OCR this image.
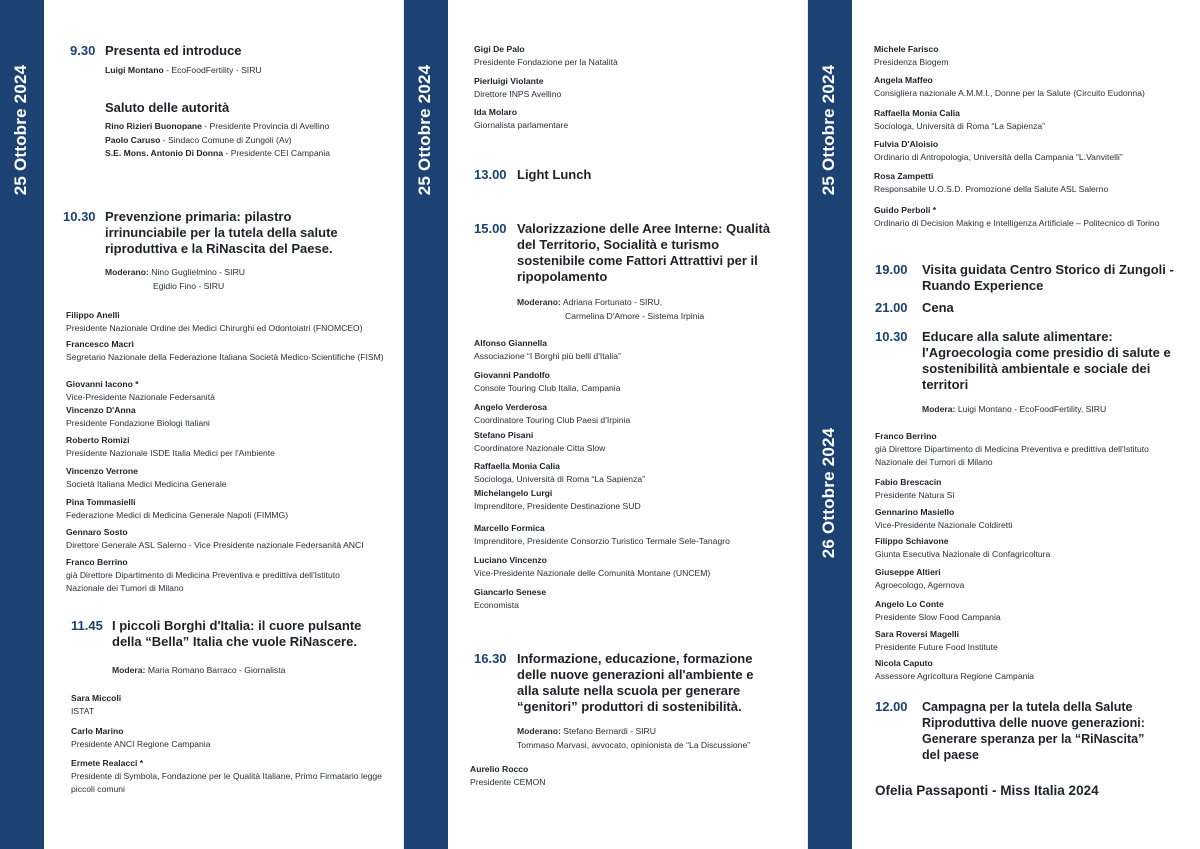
25 Ottobre 2024	25 Ottobre 2024	25 Ottobre 2024
26 Ottobre 2024
9.30 Presenta ed introduce
Luigi Montano - EcoFoodFertility - SIRU
Saluto delle autorità
Rino Rizieri Buonopane - Presidente Provincia di Avellino
Paolo Caruso - Sindaco Comune di Zungoli (Av)
S.E. Mons. Antonio Di Donna - Presidente CEI Campania
10.30 Prevenzione primaria: pilastro irrinunciabile per la tutela della salute riproduttiva e la RiNascita del Paese.
Moderano: Nino Guglielmino - SIRU
Egidio Fino - SIRU
Filippo Anelli
Presidente Nazionale Ordine dei Medici Chirurghi ed Odontoiatri (FNOMCEO)
Francesco Macrì
Segretario Nazionale della Federazione Italiana Società Medico-Scientifiche (FISM)
Giovanni Iacono *
Vice-Presidente Nazionale Federsanità
Vincenzo D'Anna
Presidente Fondazione Biologi Italiani
Roberto Romizi
Presidente Nazionale ISDE Italia Medici per l'Ambiente
Vincenzo Verrone
Società Italiana Medici Medicina Generale
Pina Tommasielli
Federazione Medici di Medicina Generale Napoli (FIMMG)
Gennaro Sosto
Direttore Generale ASL Salerno - Vice Presidente nazionale Federsanità ANCI
Franco Berrino
già Direttore Dipartimento di Medicina Preventiva e predittiva dell'Istituto Nazionale dei Tumori di Milano
11.45 I piccoli Borghi d'Italia: il cuore pulsante della “Bella” Italia che vuole RiNascere.
Modera: Maria Romano Barraco - Giornalista
Sara Miccoli
ISTAT
Carlo Marino
Presidente ANCI Regione Campania
Ermete Realacci *
Presidente di Symbola, Fondazione per le Qualità Italiane, Primo Firmatario legge piccoli comuni
Gigi De Palo
Presidente Fondazione per la Natalità
Pierluigi Violante
Direttore INPS Avellino
Ida Molaro
Giornalista parlamentare
13.00 Light Lunch
15.00 Valorizzazione delle Aree Interne: Qualità del Territorio, Socialità e turismo sostenibile come Fattori Attrattivi per il ripopolamento
Moderano: Adriana Fortunato - SIRU,
Carmelina D'Amore - Sistema Irpinia
Alfonso Giannella
Associazione “I Borghi più belli d'Italia”
Giovanni Pandolfo
Console Touring Club Italia, Campania
Angelo Verderosa
Coordinatore Touring Club Paesi d'Irpinia
Stefano Pisani
Coordinatore Nazionale Citta Slow
Raffaella Monia Calia
Sociologa, Università di Roma “La Sapienza”
Michelangelo Lurgi
Imprenditore, Presidente Destinazione SUD
Marcello Formica
Imprenditore, Presidente Consorzio Turistico Termale Sele-Tanagro
Luciano Vincenzo
Vice-Presidente Nazionale delle Comunità Montane (UNCEM)
Giancarlo Senese
Economista
16.30 Informazione, educazione, formazione delle nuove generazioni all'ambiente e alla salute nella scuola per generare “genitori” produttori di sostenibilità.
Moderano: Stefano Bernardi - SIRU
Tommaso Marvasi, avvocato, opinionista de “La Discussione”
Aurelio Rocco
Presidente CEMON
Michele Farisco
Presidenza Biogem
Angela Maffeo
Consigliera nazionale A.M.M.I., Donne per la Salute (Circuito Eudonna)
Raffaella Monia Calia
Sociologa, Università di Roma “La Sapienza”
Fulvia D'Aloisio
Ordinario di Antropologia, Università della Campania “L.Vanvitelli”
Rosa Zampetti
Responsabile U.O.S.D. Promozione della Salute ASL Salerno
Guido Perboli *
Ordinario di Decision Making e Intelligenza Artificiale – Politecnico di Torino
19.00 Visita guidata Centro Storico di Zungoli - Ruando Experience
21.00 Cena
10.30 Educare alla salute alimentare: l'Agroecologia come presidio di salute e sostenibilità ambientale e sociale dei territori
Modera: Luigi Montano - EcoFoodFertility, SIRU
Franco Berrino
già Direttore Dipartimento di Medicina Preventiva e predittiva dell'Istituto Nazionale dei Tumori di Milano
Fabio Brescacin
Presidente Natura Sì
Gennarino Masiello
Vice-Presidente Nazionale Coldiretti
Filippo Schiavone
Giunta Esecutiva Nazionale di Confagricoltura
Giuseppe Altieri
Agroecologo, Agernova
Angelo Lo Conte
Presidente Slow Food Campania
Sara Roversi Magelli
Presidente Future Food Institute
Nicola Caputo
Assessore Agricoltura Regione Campania
12.00 Campagna per la tutela della Salute Riproduttiva delle nuove generazioni: Generare speranza per la “RiNascita” del paese
Ofelia Passaponti - Miss Italia 2024
